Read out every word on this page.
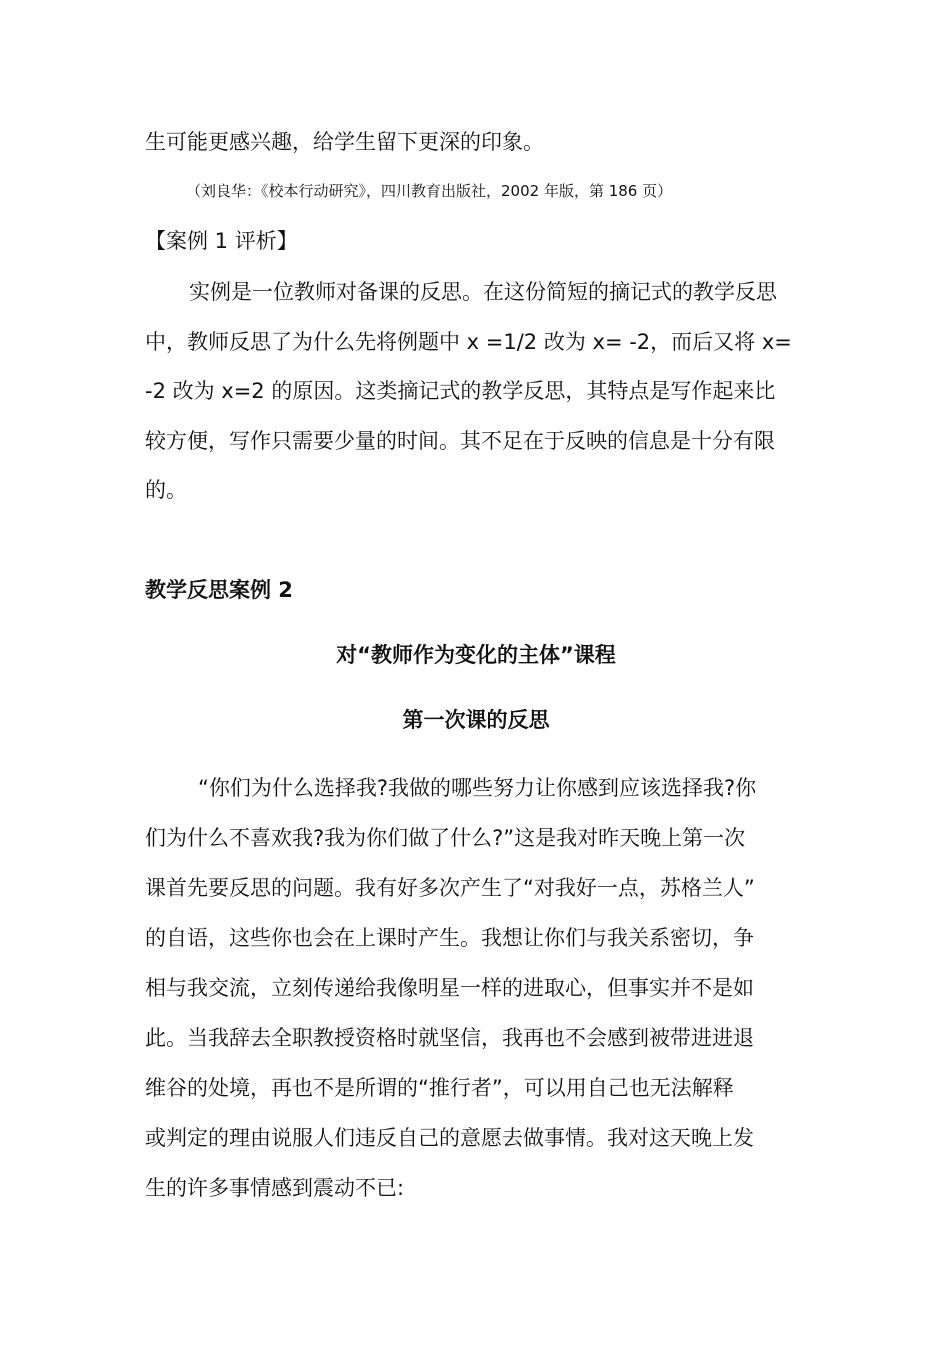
生可能更感兴趣，给学生留下更深的印象。
（刘良华：《校本行动研究》，四川教育出版社，2002 年版，第 186 页）
【案例 1 评析】
实例是一位教师对备课的反思。在这份简短的摘记式的教学反思
中，教师反思了为什么先将例题中 x =1/2 改为 x= -2，而后又将 x=
-2 改为 x=2 的原因。这类摘记式的教学反思，其特点是写作起来比
较方便，写作只需要少量的时间。其不足在于反映的信息是十分有限
的。
教学反思案例 2
对“教师作为变化的主体”课程
第一次课的反思
“你们为什么选择我?我做的哪些努力让你感到应该选择我?你
们为什么不喜欢我?我为你们做了什么?”这是我对昨天晚上第一次
课首先要反思的问题。我有好多次产生了“对我好一点，苏格兰人”
的自语，这些你也会在上课时产生。我想让你们与我关系密切，争
相与我交流，立刻传递给我像明星一样的进取心，但事实并不是如
此。当我辞去全职教授资格时就坚信，我再也不会感到被带进进退
维谷的处境，再也不是所谓的“推行者”，可以用自己也无法解释
或判定的理由说服人们违反自己的意愿去做事情。我对这天晚上发
生的许多事情感到震动不已:
